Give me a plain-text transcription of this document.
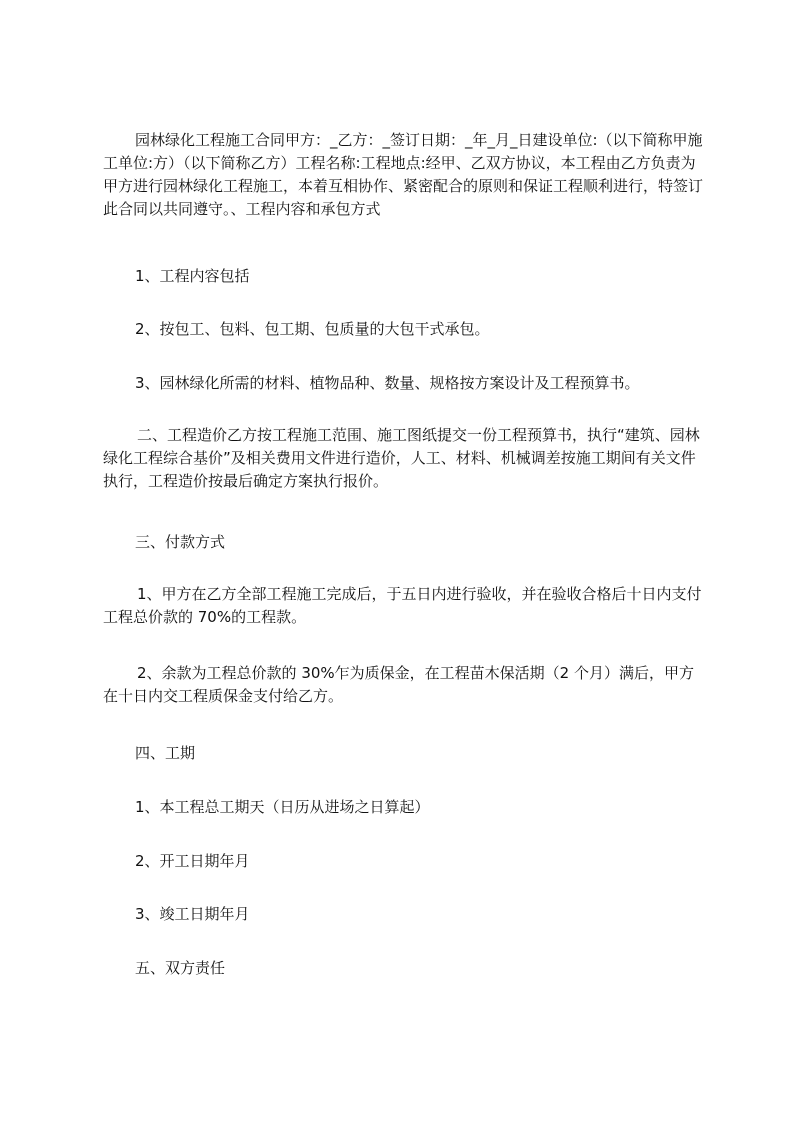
园林绿化工程施工合同甲方：_乙方：_签订日期：_年_月_日建设单位:（以下简称甲施工单位:方）（以下简称乙方）工程名称:工程地点:经甲、乙双方协议，本工程由乙方负责为甲方进行园林绿化工程施工，本着互相协作、紧密配合的原则和保证工程顺利进行，特签订此合同以共同遵守。、工程内容和承包方式

1、工程内容包括

2、按包工、包料、包工期、包质量的大包干式承包。

3、园林绿化所需的材料、植物品种、数量、规格按方案设计及工程预算书。

二、工程造价乙方按工程施工范围、施工图纸提交一份工程预算书，执行“建筑、园林绿化工程综合基价”及相关费用文件进行造价，人工、材料、机械调差按施工期间有关文件执行，工程造价按最后确定方案执行报价。

三、付款方式

1、甲方在乙方全部工程施工完成后，于五日内进行验收，并在验收合格后十日内支付工程总价款的 70%的工程款。

2、余款为工程总价款的 30%乍为质保金，在工程苗木保活期（2 个月）满后，甲方在十日内交工程质保金支付给乙方。

四、工期

1、本工程总工期天（日历从进场之日算起）

2、开工日期年月

3、竣工日期年月

五、双方责任
